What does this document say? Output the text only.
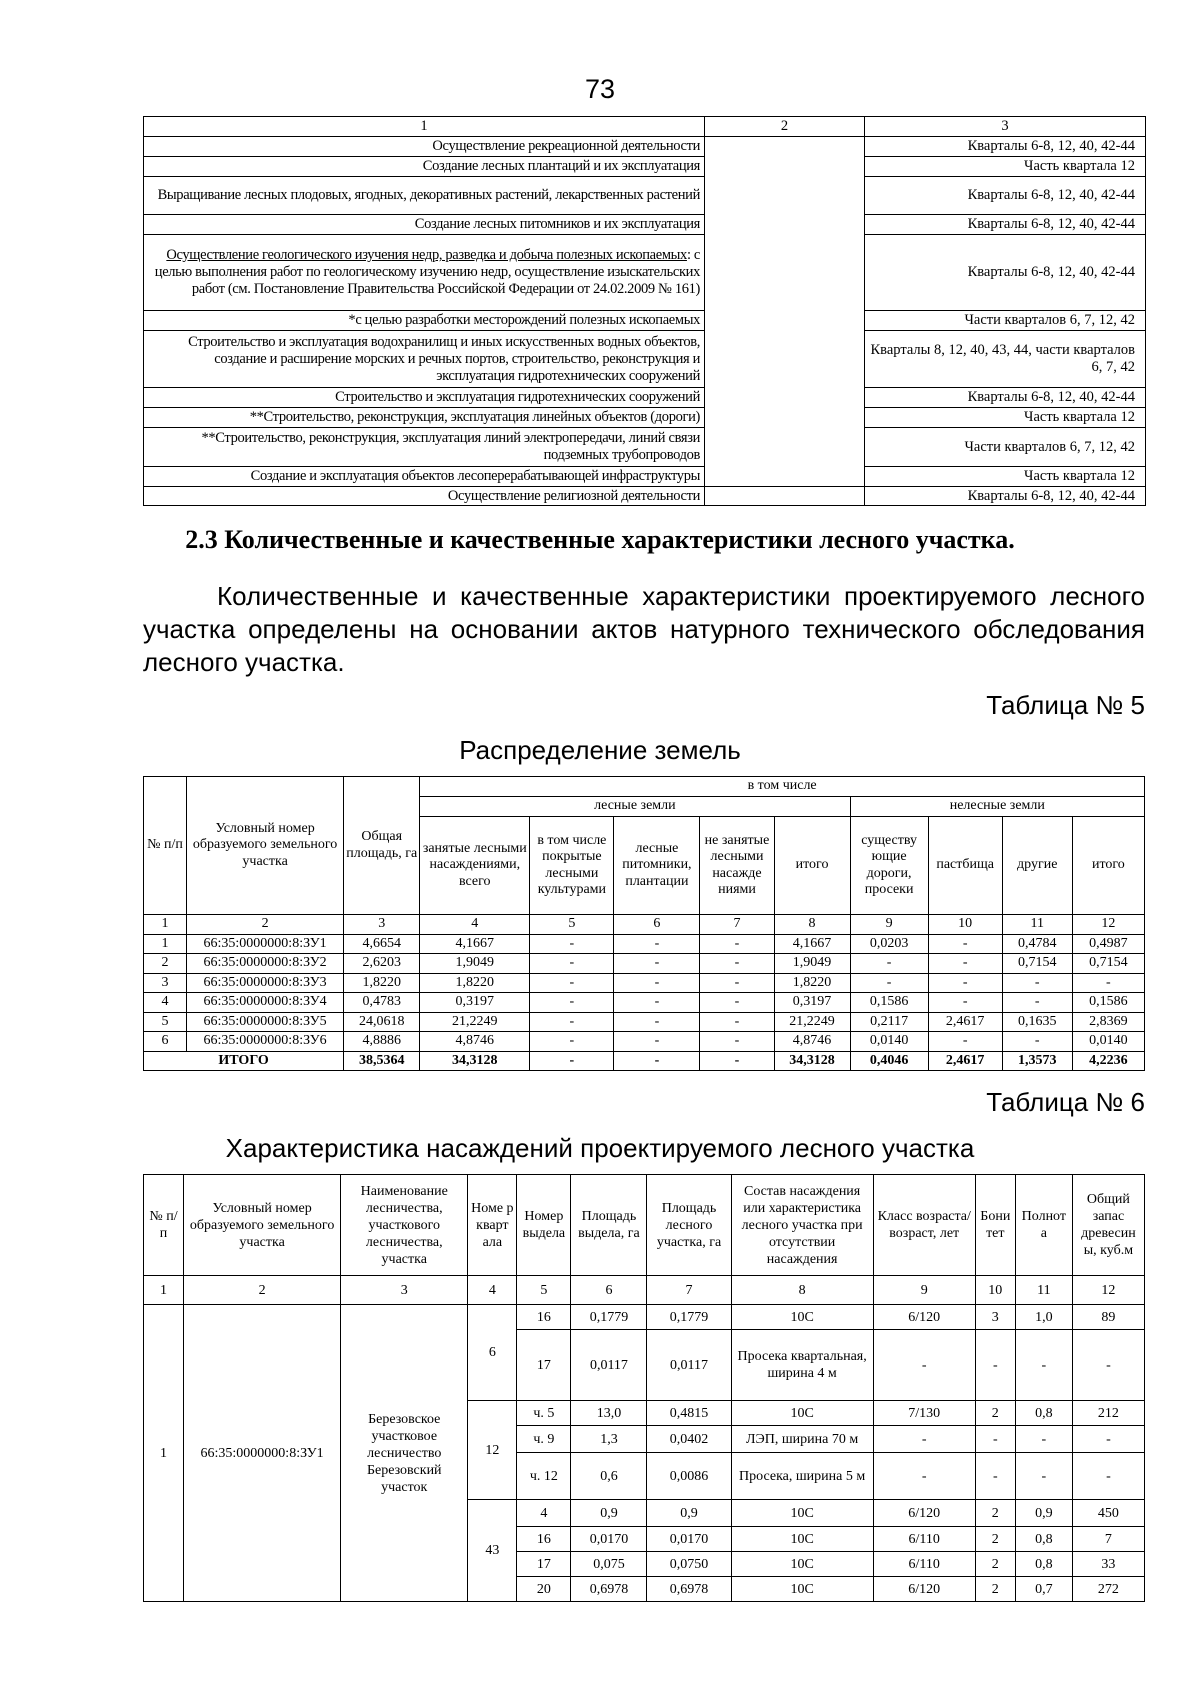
73
1	2	3
Осуществление рекреационной деятельности		Кварталы 6-8, 12, 40, 42-44
Создание лесных плантаций и их эксплуатация		Часть квартала 12
Выращивание лесных плодовых, ягодных, декоративных растений, лекарственных растений		Кварталы 6-8, 12, 40, 42-44
Создание лесных питомников и их эксплуатация		Кварталы 6-8, 12, 40, 42-44
Осуществление геологического изучения недр, разведка и добыча полезных ископаемых: с целью выполнения работ по геологическому изучению недр, осуществление изыскательских работ (см. Постановление Правительства Российской Федерации от 24.02.2009 № 161)		Кварталы 6-8, 12, 40, 42-44
*с целью разработки месторождений полезных ископаемых		Части кварталов 6, 7, 12, 42
Строительство и эксплуатация водохранилищ и иных искусственных водных объектов, создание и расширение морских и речных портов, строительство, реконструкция и эксплуатация гидротехнических сооружений		Кварталы 8, 12, 40, 43, 44, части кварталов 6, 7, 42
Строительство и эксплуатация гидротехнических сооружений		Кварталы 6-8, 12, 40, 42-44
**Строительство, реконструкция, эксплуатация линейных объектов (дороги)		Часть квартала 12
**Строительство, реконструкция, эксплуатация линий электропередачи, линий связи подземных трубопроводов		Части кварталов 6, 7, 12, 42
Создание и эксплуатация объектов лесоперерабатывающей инфраструктуры		Часть квартала 12
Осуществление религиозной деятельности		Кварталы 6-8, 12, 40, 42-44
2.3 Количественные и качественные характеристики лесного участка.
Количественные и качественные характеристики проектируемого лесного участка определены на основании актов натурного технического обследования лесного участка.
Таблица № 5
Распределение земель
№ п/п	Условный номер образуемого земельного участка	Общая площадь, га	в том числе								
			лесные земли					нелесные земли			
			занятые лесными насаждениями, всего	в том числе покрытые лесными культурами	лесные питомники, плантации	не занятые лесными насажде ниями	итого	существу ющие дороги, просеки	пастбища	другие	итого
1	2	3	4	5	6	7	8	9	10	11	12
1	66:35:0000000:8:ЗУ1	4,6654	4,1667	-	-	-	4,1667	0,0203	-	0,4784	0,4987
2	66:35:0000000:8:ЗУ2	2,6203	1,9049	-	-	-	1,9049	-	-	0,7154	0,7154
3	66:35:0000000:8:ЗУ3	1,8220	1,8220	-	-	-	1,8220	-	-	-	-
4	66:35:0000000:8:ЗУ4	0,4783	0,3197	-	-	-	0,3197	0,1586	-	-	0,1586
5	66:35:0000000:8:ЗУ5	24,0618	21,2249	-	-	-	21,2249	0,2117	2,4617	0,1635	2,8369
6	66:35:0000000:8:ЗУ6	4,8886	4,8746	-	-	-	4,8746	0,0140	-	-	0,0140
ИТОГО		38,5364	34,3128	-	-	-	34,3128	0,4046	2,4617	1,3573	4,2236
Таблица № 6
Характеристика насаждений проектируемого лесного участка
№ п/п	Условный номер образуемого земельного участка	Наименование лесничества, участкового лесничества, участка	Номе р кварт ала	Номер выдела	Площадь выдела, га	Площадь лесного участка, га	Состав насаждения или характеристика лесного участка при отсутствии насаждения	Класс возраста/ возраст, лет	Бони тет	Полнот а	Общий запас древесин ы, куб.м
1	2	3	4	5	6	7	8	9	10	11	12
1	66:35:0000000:8:ЗУ1	Березовское участковое лесничество Березовский участок	6	16	0,1779	0,1779	10С	6/120	3	1,0	89
				17	0,0117	0,0117	Просека квартальная, ширина 4 м	-	-	-	-
			12	ч. 5	13,0	0,4815	10С	7/130	2	0,8	212
				ч. 9	1,3	0,0402	ЛЭП, ширина 70 м	-	-	-	-
				ч. 12	0,6	0,0086	Просека, ширина 5 м	-	-	-	-
			43	4	0,9	0,9	10С	6/120	2	0,9	450
				16	0,0170	0,0170	10С	6/110	2	0,8	7
				17	0,075	0,0750	10С	6/110	2	0,8	33
				20	0,6978	0,6978	10С	6/120	2	0,7	272
